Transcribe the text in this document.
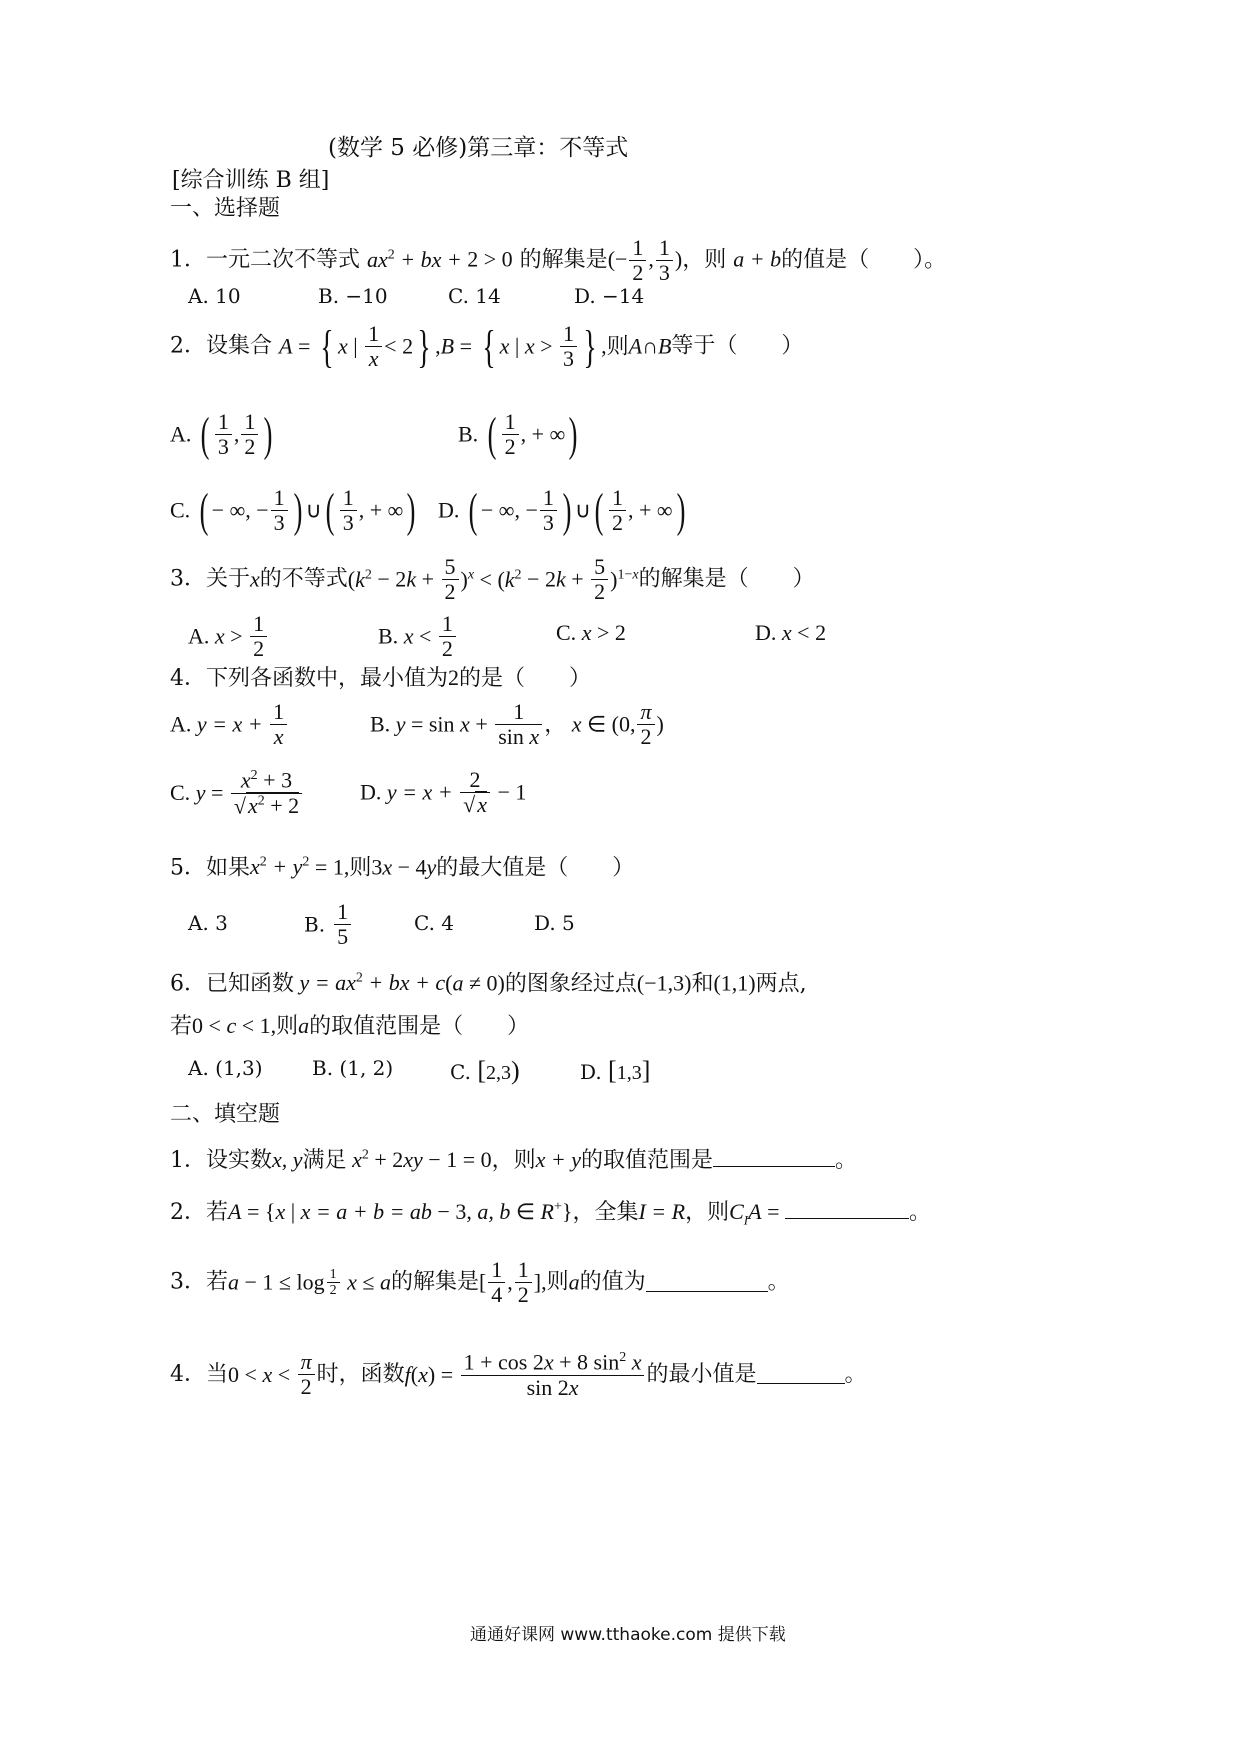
(数学 5 必修)第三章：不等式
[综合训练 B 组]
一、选择题
1．一元二次不等式 $ax^2$ + bx + 2 > 0 的解集是(− $\frac{1}{2}$ , $\frac{1}{3}$ )，则 a + b的值是（　　）。
A. 10	B. −10	C. 14	D. −14
2．设集合 A = { x | $\frac{1}{x} < 2$} ,B = { x | $x > \frac{1}{3}$ } ,则A∩B等于（　　）
A. ( $\frac{1}{3}$ , $\frac{1}{2}$ )	B. ( $\frac{1}{2}$ , + ∞)
C. ( − ∞, − $\frac{1}{3}$ ) ∪( $\frac{1}{3}$ , + ∞) D. ( − ∞, − $\frac{1}{3}$ ) ∪( $\frac{1}{2}$ , + ∞)
3．关于x的不等式$(k^2 - 2k + \frac{5}{2} )^x < (k^2 - 2k + \frac{5}{2} )^{1-x}$的解集是（　　）
A. $x > \frac{1}{2}$	B. $x < \frac{1}{2}$	C. x > 2	D. x < 2
4．下列各函数中，最小值为2的是（　　）
A. $y = x + \frac{1}{x}$	B. $y = \sin x + \frac{1}{\text{sin x}}$ ， x ∈ (0, $\frac{\pi}{2}$ )
C. $y = \frac{x^2 + 3}{√x^2 + 2}$	D. $y = x + \frac{2}{√x} - 1$
5．如果$x^2 + y^2 = 1$,则3x − 4y的最大值是（　　）
A. 3	B. $\frac{1}{5}$	C. 4	D. 5
6．已知函数 $y = ax^2$ + bx + c(a ≠ 0)的图象经过点(−1,3)和(1,1)两点,
若0 < c < 1,则a的取值范围是（　　）
A. (1,3) B. (1, 2)	C. [2,3)	D. [1,3]
二、填空题
1．设实数x, y满足 $x^2 + 2xy - 1 = 0$，则x + y的取值范围是	。
2．若A = {x | x = a + b = ab − 3, a, b ∈ R+}，全集I = R，则$C_IA$ =	。
3．若$a - 1 \le \log \frac{1}{2}$ x ≤ a的解集是[ $\frac{1}{4}$ , $\frac{1}{2}$ ],则a的值为	。
4．当$0 < x < \frac{\pi}{2}$ 时，函数$f(x) = \frac{1 + \cos 2x + 8 \sin^2 x}{\sin 2x}$ 的最小值是	。
通通好课网 www.tthaoke.com 提供下载
